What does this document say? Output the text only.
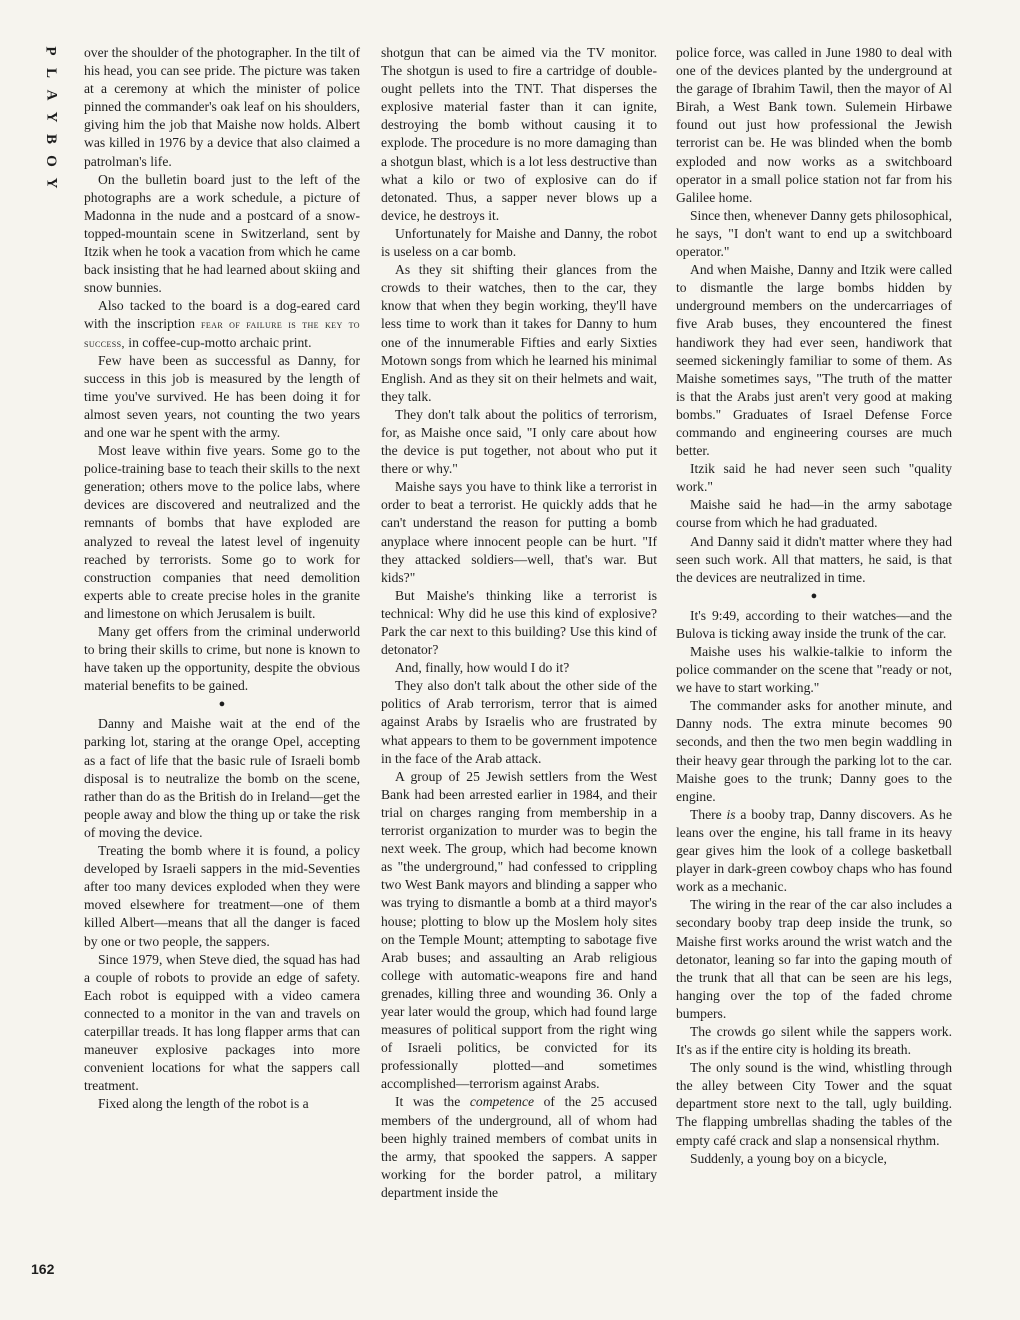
P
L
A
Y
B
O
Y

over the shoulder of the photographer. In the tilt of his head, you can see pride. The picture was taken at a ceremony at which the minister of police pinned the commander's oak leaf on his shoulders, giving him the job that Maishe now holds. Albert was killed in 1976 by a device that also claimed a patrolman's life.

On the bulletin board just to the left of the photographs are a work schedule, a picture of Madonna in the nude and a postcard of a snow-topped-mountain scene in Switzerland, sent by Itzik when he took a vacation from which he came back insisting that he had learned about skiing and snow bunnies.

Also tacked to the board is a dog-eared card with the inscription fear of failure is the key to success, in coffee-cup-motto archaic print.

Few have been as successful as Danny, for success in this job is measured by the length of time you've survived. He has been doing it for almost seven years, not counting the two years and one war he spent with the army.

Most leave within five years. Some go to the police-training base to teach their skills to the next generation; others move to the police labs, where devices are discovered and neutralized and the remnants of bombs that have exploded are analyzed to reveal the latest level of ingenuity reached by terrorists. Some go to work for construction companies that need demolition experts able to create precise holes in the granite and limestone on which Jerusalem is built.

Many get offers from the criminal underworld to bring their skills to crime, but none is known to have taken up the opportunity, despite the obvious material benefits to be gained.

●

Danny and Maishe wait at the end of the parking lot, staring at the orange Opel, accepting as a fact of life that the basic rule of Israeli bomb disposal is to neutralize the bomb on the scene, rather than do as the British do in Ireland—get the people away and blow the thing up or take the risk of moving the device.

Treating the bomb where it is found, a policy developed by Israeli sappers in the mid-Seventies after too many devices exploded when they were moved elsewhere for treatment—one of them killed Albert—means that all the danger is faced by one or two people, the sappers.

Since 1979, when Steve died, the squad has had a couple of robots to provide an edge of safety. Each robot is equipped with a video camera connected to a monitor in the van and travels on caterpillar treads. It has long flapper arms that can maneuver explosive packages into more convenient locations for what the sappers call treatment.

Fixed along the length of the robot is a

shotgun that can be aimed via the TV monitor. The shotgun is used to fire a cartridge of double-ought pellets into the TNT. That disperses the explosive material faster than it can ignite, destroying the bomb without causing it to explode. The procedure is no more damaging than a shotgun blast, which is a lot less destructive than what a kilo or two of explosive can do if detonated. Thus, a sapper never blows up a device, he destroys it.

Unfortunately for Maishe and Danny, the robot is useless on a car bomb.

As they sit shifting their glances from the crowds to their watches, then to the car, they know that when they begin working, they'll have less time to work than it takes for Danny to hum one of the innumerable Fifties and early Sixties Motown songs from which he learned his minimal English. And as they sit on their helmets and wait, they talk.

They don't talk about the politics of terrorism, for, as Maishe once said, "I only care about how the device is put together, not about who put it there or why."

Maishe says you have to think like a terrorist in order to beat a terrorist. He quickly adds that he can't understand the reason for putting a bomb anyplace where innocent people can be hurt. "If they attacked soldiers—well, that's war. But kids?"

But Maishe's thinking like a terrorist is technical: Why did he use this kind of explosive? Park the car next to this building? Use this kind of detonator?

And, finally, how would I do it?

They also don't talk about the other side of the politics of Arab terrorism, terror that is aimed against Arabs by Israelis who are frustrated by what appears to them to be government impotence in the face of the Arab attack.

A group of 25 Jewish settlers from the West Bank had been arrested earlier in 1984, and their trial on charges ranging from membership in a terrorist organization to murder was to begin the next week. The group, which had become known as "the underground," had confessed to crippling two West Bank mayors and blinding a sapper who was trying to dismantle a bomb at a third mayor's house; plotting to blow up the Moslem holy sites on the Temple Mount; attempting to sabotage five Arab buses; and assaulting an Arab religious college with automatic-weapons fire and hand grenades, killing three and wounding 36. Only a year later would the group, which had found large measures of political support from the right wing of Israeli politics, be convicted for its professionally plotted—and sometimes accomplished—terrorism against Arabs.

It was the competence of the 25 accused members of the underground, all of whom had been highly trained members of combat units in the army, that spooked the sappers. A sapper working for the border patrol, a military department inside the

police force, was called in June 1980 to deal with one of the devices planted by the underground at the garage of Ibrahim Tawil, then the mayor of Al Birah, a West Bank town. Sulemein Hirbawe found out just how professional the Jewish terrorist can be. He was blinded when the bomb exploded and now works as a switchboard operator in a small police station not far from his Galilee home.

Since then, whenever Danny gets philosophical, he says, "I don't want to end up a switchboard operator."

And when Maishe, Danny and Itzik were called to dismantle the large bombs hidden by underground members on the undercarriages of five Arab buses, they encountered the finest handiwork they had ever seen, handiwork that seemed sickeningly familiar to some of them. As Maishe sometimes says, "The truth of the matter is that the Arabs just aren't very good at making bombs." Graduates of Israel Defense Force commando and engineering courses are much better.

Itzik said he had never seen such "quality work."

Maishe said he had—in the army sabotage course from which he had graduated.

And Danny said it didn't matter where they had seen such work. All that matters, he said, is that the devices are neutralized in time.

●

It's 9:49, according to their watches—and the Bulova is ticking away inside the trunk of the car.

Maishe uses his walkie-talkie to inform the police commander on the scene that "ready or not, we have to start working."

The commander asks for another minute, and Danny nods. The extra minute becomes 90 seconds, and then the two men begin waddling in their heavy gear through the parking lot to the car. Maishe goes to the trunk; Danny goes to the engine.

There is a booby trap, Danny discovers. As he leans over the engine, his tall frame in its heavy gear gives him the look of a college basketball player in dark-green cowboy chaps who has found work as a mechanic.

The wiring in the rear of the car also includes a secondary booby trap deep inside the trunk, so Maishe first works around the wrist watch and the detonator, leaning so far into the gaping mouth of the trunk that all that can be seen are his legs, hanging over the top of the faded chrome bumpers.

The crowds go silent while the sappers work. It's as if the entire city is holding its breath.

The only sound is the wind, whistling through the alley between City Tower and the squat department store next to the tall, ugly building. The flapping umbrellas shading the tables of the empty café crack and slap a nonsensical rhythm.

Suddenly, a young boy on a bicycle,

162
